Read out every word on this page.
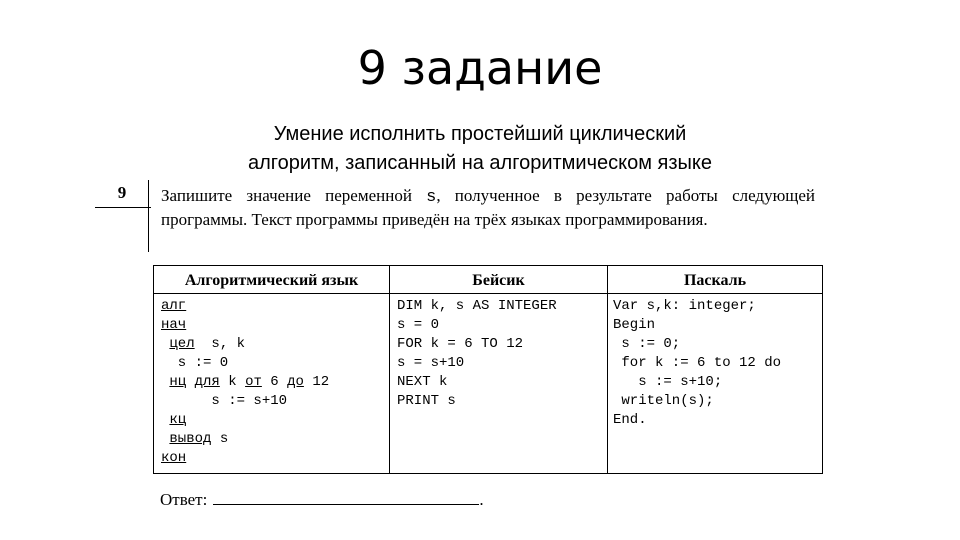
9 задание
Умение исполнить простейший циклический
алгоритм, записанный на алгоритмическом языке
9	Запишите значение переменной s, полученное в результате работы следующей программы. Текст программы приведён на трёх языках программирования.
Алгоритмический язык
алг
нач
цел  s, k
s := 0
нц для k от 6 до 12
s := s+10
кц
вывод s
кон
Бейсик
DIM k, s AS INTEGER
s = 0
FOR k = 6 TO 12
s = s+10
NEXT k
PRINT s
Паскаль
Var s,k: integer;
Begin
s := 0;
for k := 6 to 12 do
s := s+10;
writeln(s);
End.
Ответ:	.
